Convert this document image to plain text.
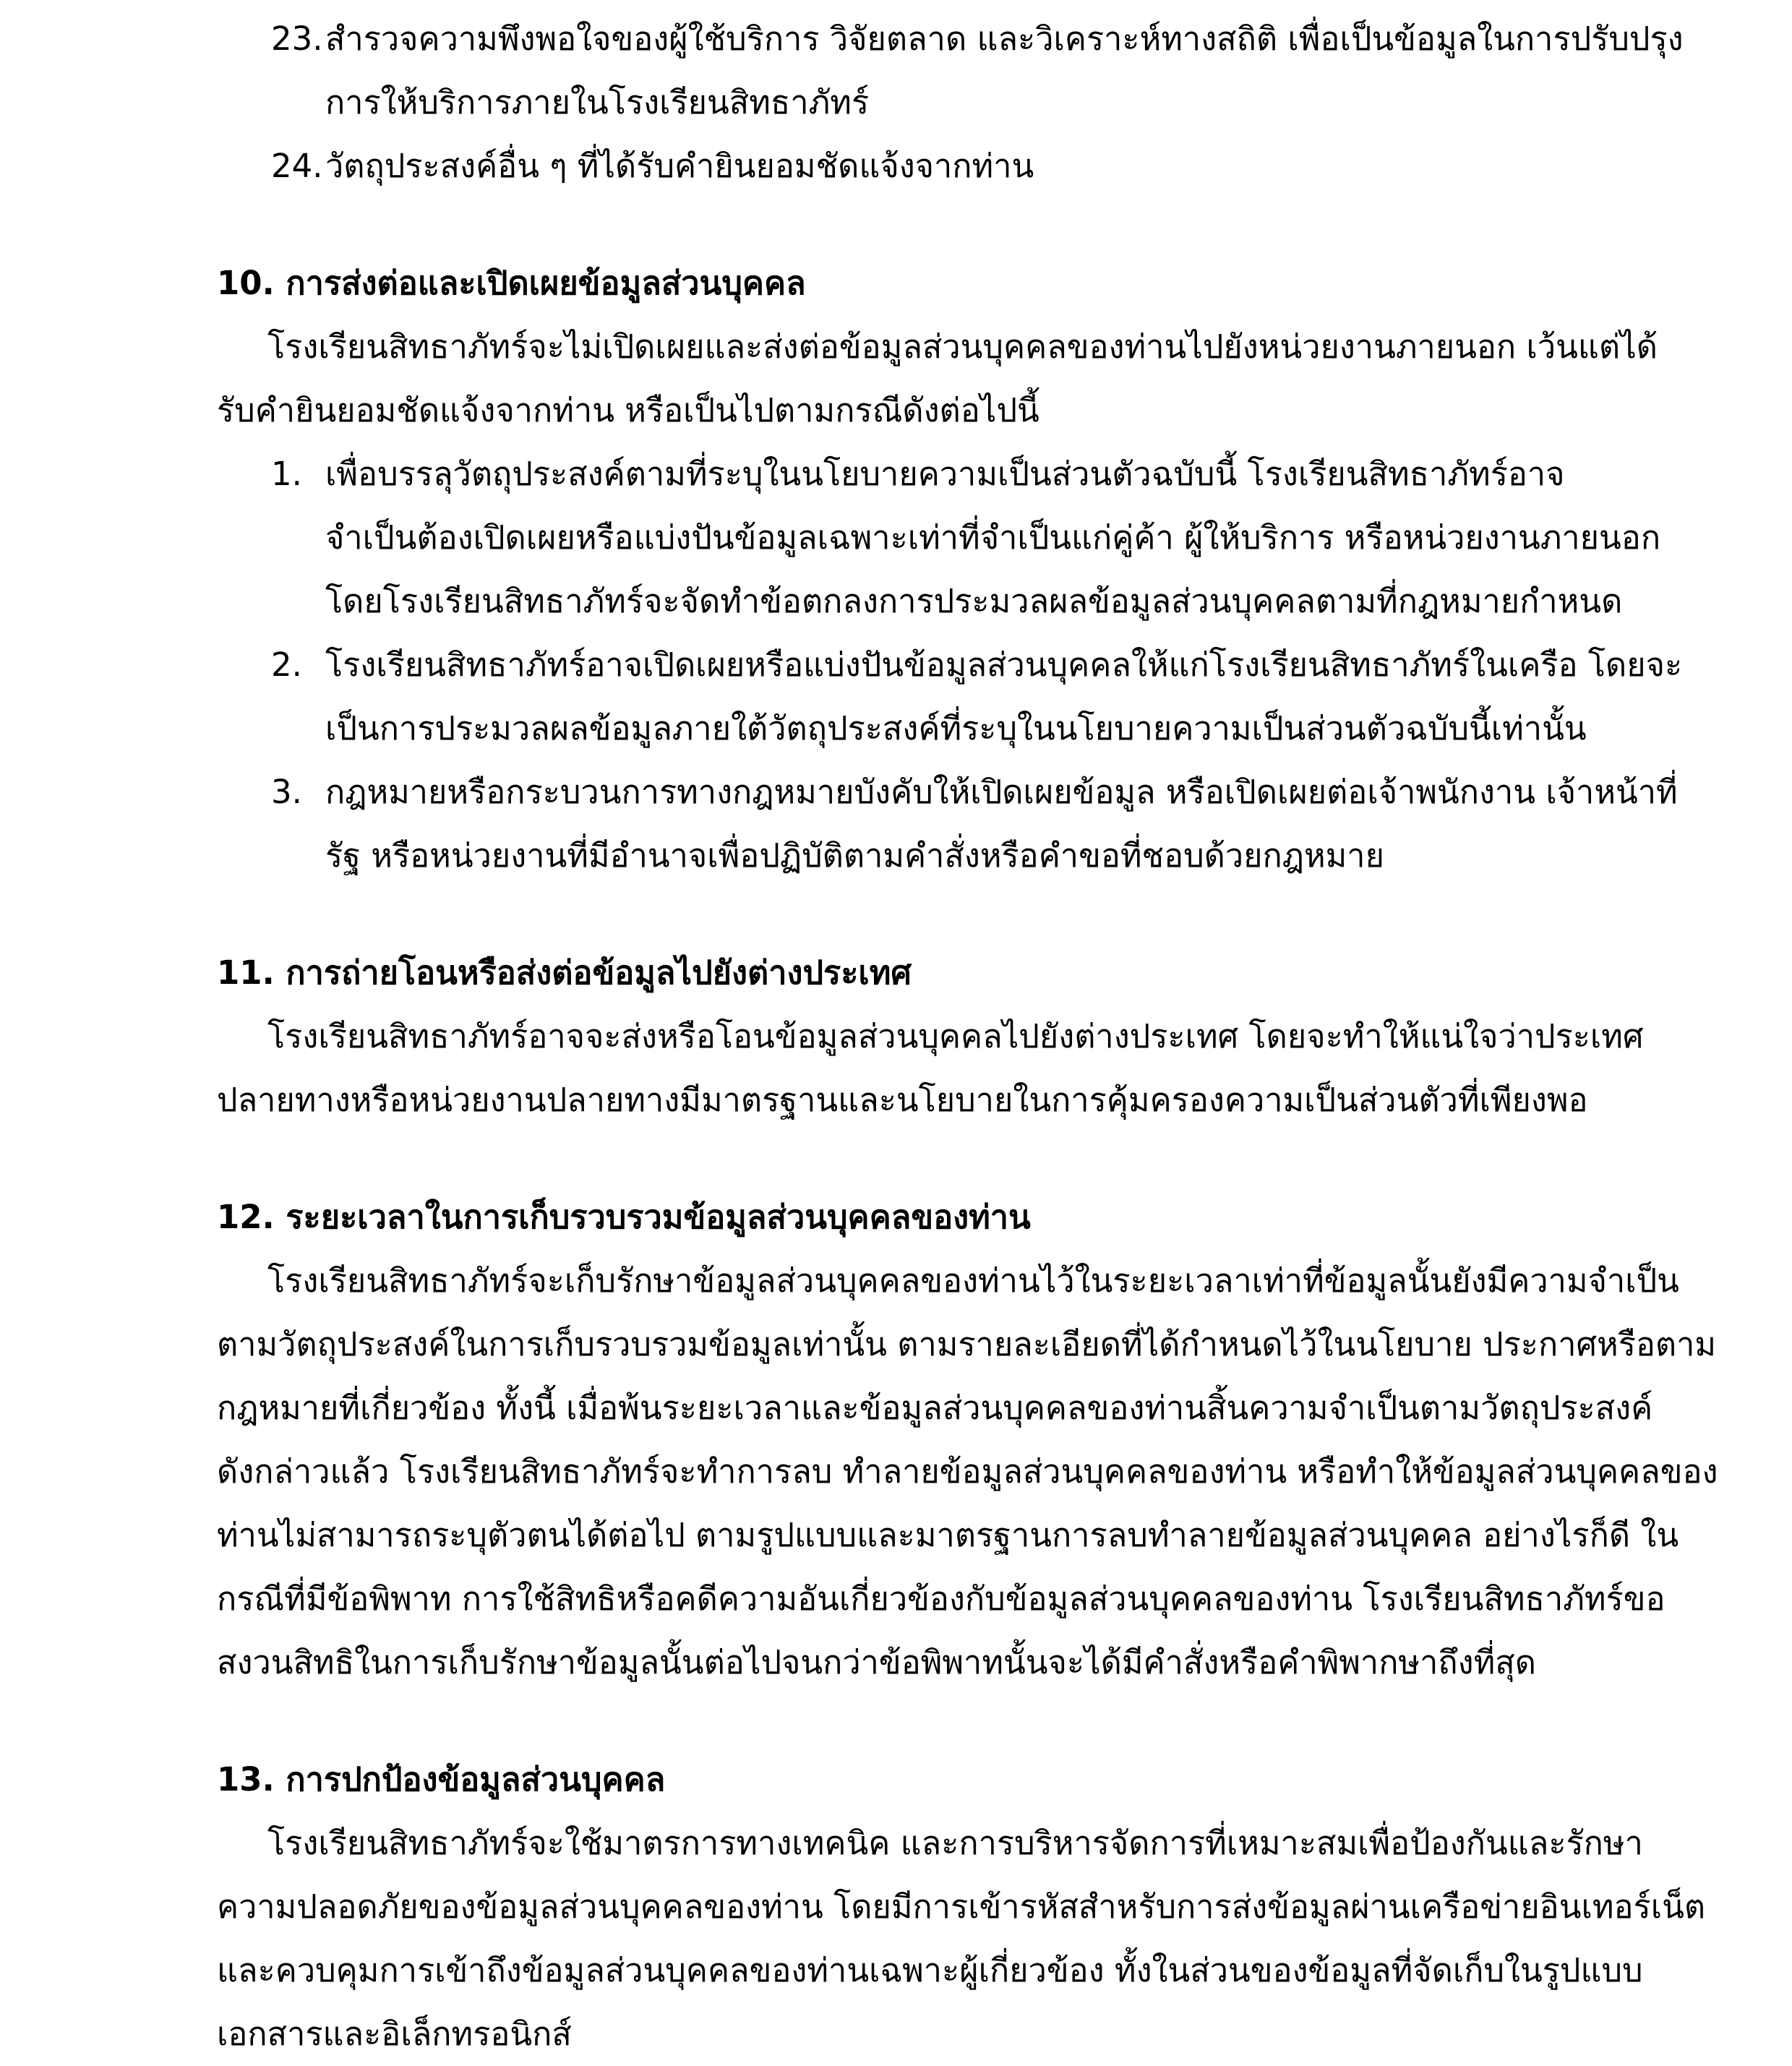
23.สำรวจความพึงพอใจของผู้ใช้บริการ วิจัยตลาด และวิเคราะห์ทางสถิติ เพื่อเป็นข้อมูลในการปรับปรุง
การให้บริการภายในโรงเรียนสิทธาภัทร์
24.วัตถุประสงค์อื่น ๆ ที่ได้รับคำยินยอมชัดแจ้งจากท่าน
10. การส่งต่อและเปิดเผยข้อมูลส่วนบุคคล
โรงเรียนสิทธาภัทร์จะไม่เปิดเผยและส่งต่อข้อมูลส่วนบุคคลของท่านไปยังหน่วยงานภายนอก เว้นแต่ได้
รับคำยินยอมชัดแจ้งจากท่าน หรือเป็นไปตามกรณีดังต่อไปนี้
1. เพื่อบรรลุวัตถุประสงค์ตามที่ระบุในนโยบายความเป็นส่วนตัวฉบับนี้ โรงเรียนสิทธาภัทร์อาจ
จำเป็นต้องเปิดเผยหรือแบ่งปันข้อมูลเฉพาะเท่าที่จำเป็นแก่คู่ค้า ผู้ให้บริการ หรือหน่วยงานภายนอก
โดยโรงเรียนสิทธาภัทร์จะจัดทำข้อตกลงการประมวลผลข้อมูลส่วนบุคคลตามที่กฎหมายกำหนด
2. โรงเรียนสิทธาภัทร์อาจเปิดเผยหรือแบ่งปันข้อมูลส่วนบุคคลให้แก่โรงเรียนสิทธาภัทร์ในเครือ โดยจะ
เป็นการประมวลผลข้อมูลภายใต้วัตถุประสงค์ที่ระบุในนโยบายความเป็นส่วนตัวฉบับนี้เท่านั้น
3. กฎหมายหรือกระบวนการทางกฎหมายบังคับให้เปิดเผยข้อมูล หรือเปิดเผยต่อเจ้าพนักงาน เจ้าหน้าที่
รัฐ หรือหน่วยงานที่มีอำนาจเพื่อปฏิบัติตามคำสั่งหรือคำขอที่ชอบด้วยกฎหมาย
11. การถ่ายโอนหรือส่งต่อข้อมูลไปยังต่างประเทศ
โรงเรียนสิทธาภัทร์อาจจะส่งหรือโอนข้อมูลส่วนบุคคลไปยังต่างประเทศ โดยจะทำให้แน่ใจว่าประเทศ
ปลายทางหรือหน่วยงานปลายทางมีมาตรฐานและนโยบายในการคุ้มครองความเป็นส่วนตัวที่เพียงพอ
12. ระยะเวลาในการเก็บรวบรวมข้อมูลส่วนบุคคลของท่าน
โรงเรียนสิทธาภัทร์จะเก็บรักษาข้อมูลส่วนบุคคลของท่านไว้ในระยะเวลาเท่าที่ข้อมูลนั้นยังมีความจำเป็น
ตามวัตถุประสงค์ในการเก็บรวบรวมข้อมูลเท่านั้น ตามรายละเอียดที่ได้กำหนดไว้ในนโยบาย ประกาศหรือตาม
กฎหมายที่เกี่ยวข้อง ทั้งนี้ เมื่อพ้นระยะเวลาและข้อมูลส่วนบุคคลของท่านสิ้นความจำเป็นตามวัตถุประสงค์
ดังกล่าวแล้ว โรงเรียนสิทธาภัทร์จะทำการลบ ทำลายข้อมูลส่วนบุคคลของท่าน หรือทำให้ข้อมูลส่วนบุคคลของ
ท่านไม่สามารถระบุตัวตนได้ต่อไป ตามรูปแบบและมาตรฐานการลบทำลายข้อมูลส่วนบุคคล อย่างไรก็ดี ใน
กรณีที่มีข้อพิพาท การใช้สิทธิหรือคดีความอันเกี่ยวข้องกับข้อมูลส่วนบุคคลของท่าน โรงเรียนสิทธาภัทร์ขอ
สงวนสิทธิในการเก็บรักษาข้อมูลนั้นต่อไปจนกว่าข้อพิพาทนั้นจะได้มีคำสั่งหรือคำพิพากษาถึงที่สุด
13. การปกป้องข้อมูลส่วนบุคคล
โรงเรียนสิทธาภัทร์จะใช้มาตรการทางเทคนิค และการบริหารจัดการที่เหมาะสมเพื่อป้องกันและรักษา
ความปลอดภัยของข้อมูลส่วนบุคคลของท่าน โดยมีการเข้ารหัสสำหรับการส่งข้อมูลผ่านเครือข่ายอินเทอร์เน็ต
และควบคุมการเข้าถึงข้อมูลส่วนบุคคลของท่านเฉพาะผู้เกี่ยวข้อง ทั้งในส่วนของข้อมูลที่จัดเก็บในรูปแบบ
เอกสารและอิเล็กทรอนิกส์
